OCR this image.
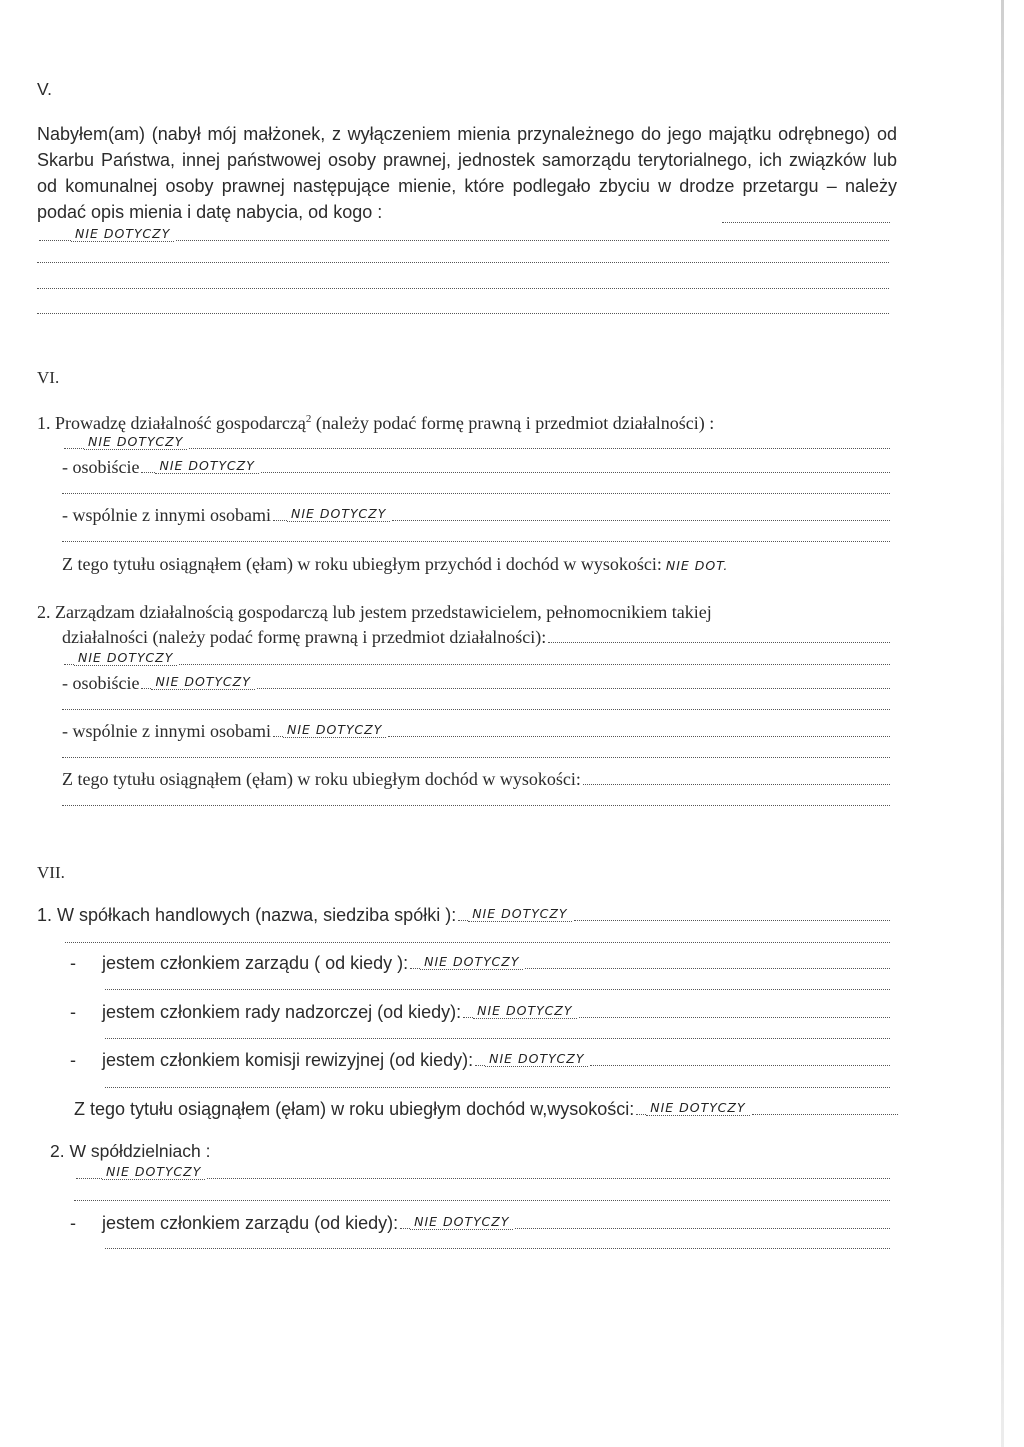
V.
Nabyłem(am) (nabył mój małżonek, z wyłączeniem mienia przynależnego do jego majątku odrębnego) od Skarbu Państwa, innej państwowej osoby prawnej, jednostek samorządu terytorialnego, ich związków lub od komunalnej osoby prawnej następujące mienie, które podlegało zbyciu w drodze przetargu – należy podać opis mienia i datę nabycia, od kogo :
NIE DOTYCZY
VI.
1. Prowadzę działalność gospodarczą$^2$ (należy podać formę prawną i przedmiot działalności) :
NIE DOTYCZY
- osobiście	NIE DOTYCZY
- wspólnie z innymi osobami	NIE DOTYCZY
Z tego tytułu osiągnąłem (ęłam) w roku ubiegłym przychód i dochód w wysokości: NIE DOT.
2. Zarządzam działalnością gospodarczą lub jestem przedstawicielem, pełnomocnikiem takiej
działalności (należy podać formę prawną i przedmiot działalności):
NIE DOTYCZY
- osobiście	NIE DOTYCZY
- wspólnie z innymi osobami	NIE DOTYCZY
Z tego tytułu osiągnąłem (ęłam) w roku ubiegłym dochód w wysokości:
VII.
1. W spółkach handlowych (nazwa, siedziba spółki ):	NIE DOTYCZY
-	jestem członkiem zarządu ( od kiedy ):	NIE DOTYCZY
-	jestem członkiem rady nadzorczej (od kiedy):	NIE DOTYCZY
-	jestem członkiem komisji rewizyjnej (od kiedy):	NIE DOTYCZY
Z tego tytułu osiągnąłem (ęłam) w roku ubiegłym dochód w,wysokości:	NIE DOTYCZY
2. W spółdzielniach :
NIE DOTYCZY
-	jestem członkiem zarządu (od kiedy):	NIE DOTYCZY
